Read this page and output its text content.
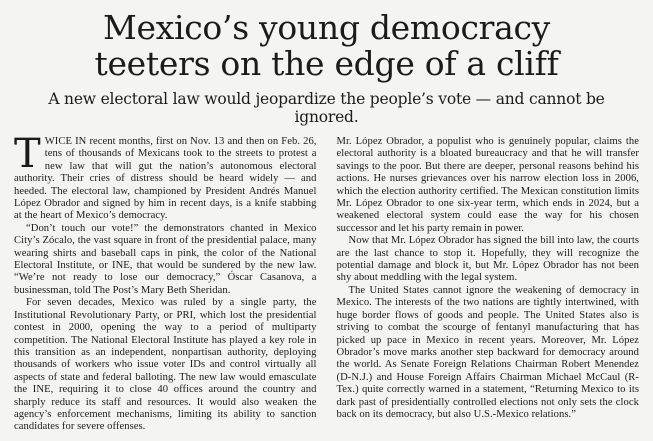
Mexico’s young democracy
teeters on the edge of a cliff
A new electoral law would jeopardize the people’s vote — and cannot be ignored.

TWICE IN recent months, first on Nov. 13 and then on Feb. 26, tens of thousands of Mexicans took to the streets to protest a new law that will gut the nation’s autonomous electoral authority. Their cries of distress should be heard widely — and heeded. The electoral law, championed by President Andrés Manuel López Obrador and signed by him in recent days, is a knife stabbing at the heart of Mexico’s democracy.

“Don’t touch our vote!” the demonstrators chanted in Mexico City’s Zócalo, the vast square in front of the presidential palace, many wearing shirts and baseball caps in pink, the color of the National Electoral Institute, or INE, that would be sundered by the new law. “We’re not ready to lose our democracy,” Óscar Casanova, a businessman, told The Post’s Mary Beth Sheridan.

For seven decades, Mexico was ruled by a single party, the Institutional Revolutionary Party, or PRI, which lost the presidential contest in 2000, opening the way to a period of multiparty competition. The National Electoral Institute has played a key role in this transition as an independent, nonpartisan authority, deploying thousands of workers who issue voter IDs and control virtually all aspects of state and federal balloting. The new law would emasculate the INE, requiring it to close 40 offices around the country and sharply reduce its staff and resources. It would also weaken the agency’s enforcement mechanisms, limiting its ability to sanction candidates for severe offenses.

Mr. López Obrador, a populist who is genuinely popular, claims the electoral authority is a bloated bureaucracy and that he will transfer savings to the poor. But there are deeper, personal reasons behind his actions. He nurses grievances over his narrow election loss in 2006, which the election authority certified. The Mexican constitution limits Mr. López Obrador to one six-year term, which ends in 2024, but a weakened electoral system could ease the way for his chosen successor and let his party remain in power.

Now that Mr. López Obrador has signed the bill into law, the courts are the last chance to stop it. Hopefully, they will recognize the potential damage and block it, but Mr. López Obrador has not been shy about meddling with the legal system.

The United States cannot ignore the weakening of democracy in Mexico. The interests of the two nations are tightly intertwined, with huge border flows of goods and people. The United States also is striving to combat the scourge of fentanyl manufacturing that has picked up pace in Mexico in recent years. Moreover, Mr. López Obrador’s move marks another step backward for democracy around the world. As Senate Foreign Relations Chairman Robert Menendez (D-N.J.) and House Foreign Affairs Chairman Michael McCaul (R-Tex.) quite correctly warned in a statement, “Returning Mexico to its dark past of presidentially controlled elections not only sets the clock back on its democracy, but also U.S.-Mexico relations.”
